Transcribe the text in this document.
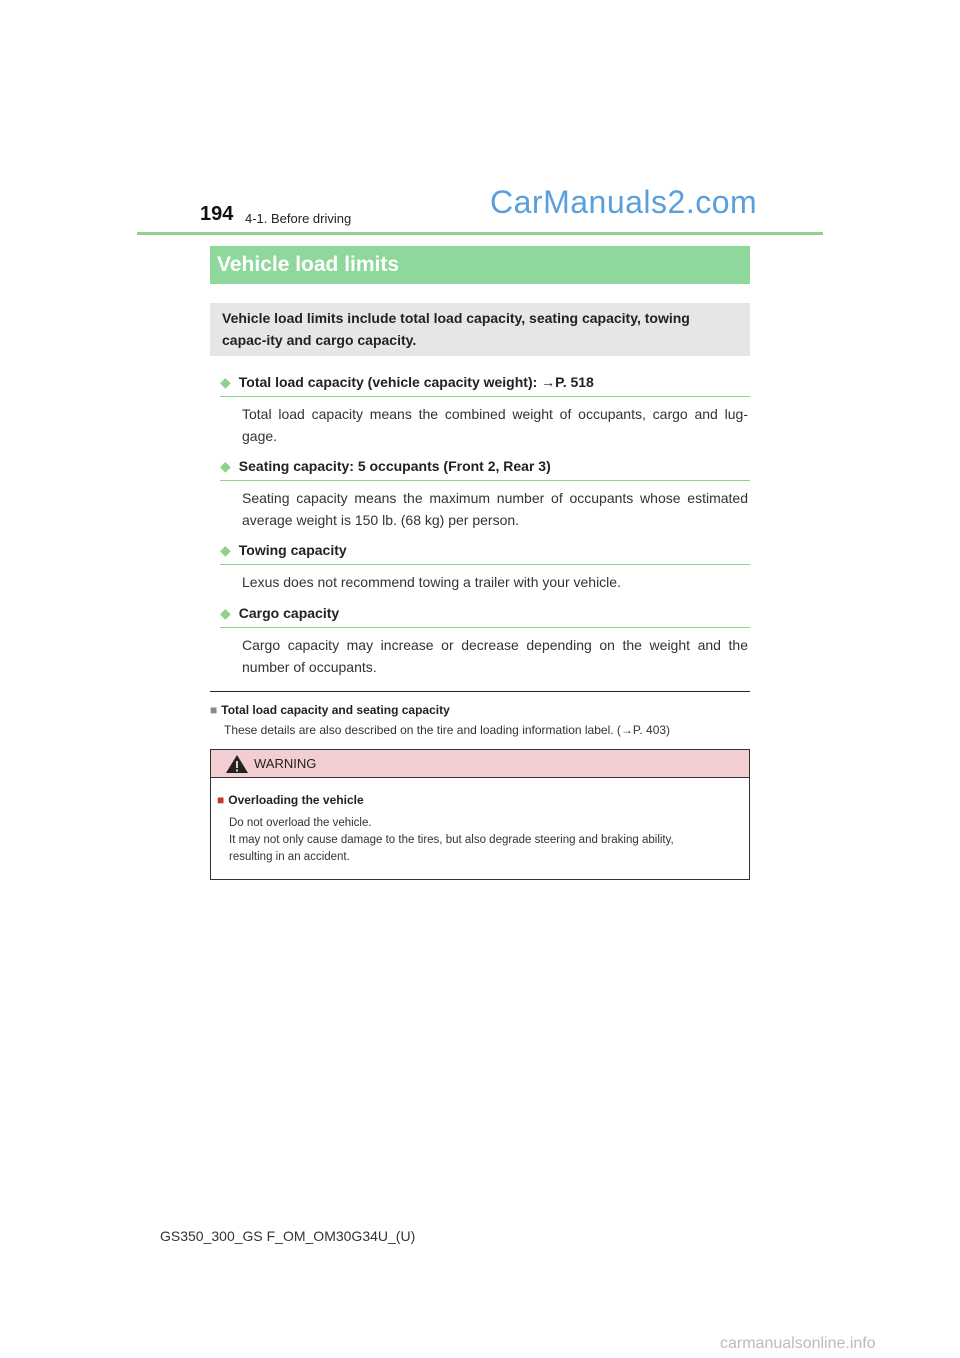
194 4-1. Before driving	CarManuals2.com
Vehicle load limits
Vehicle load limits include total load capacity, seating capacity, towing capac-ity and cargo capacity.
◆ Total load capacity (vehicle capacity weight): →P. 518
Total load capacity means the combined weight of occupants, cargo and lug-gage.
◆ Seating capacity: 5 occupants (Front 2, Rear 3)
Seating capacity means the maximum number of occupants whose estimated average weight is 150 lb. (68 kg) per person.
◆ Towing capacity
Lexus does not recommend towing a trailer with your vehicle.
◆ Cargo capacity
Cargo capacity may increase or decrease depending on the weight and the number of occupants.
■ Total load capacity and seating capacity
These details are also described on the tire and loading information label. (→P. 403)
WARNING
■ Overloading the vehicle
Do not overload the vehicle.
It may not only cause damage to the tires, but also degrade steering and braking ability,
resulting in an accident.
GS350_300_GS F_OM_OM30G34U_(U)
carmanualsonline.info
